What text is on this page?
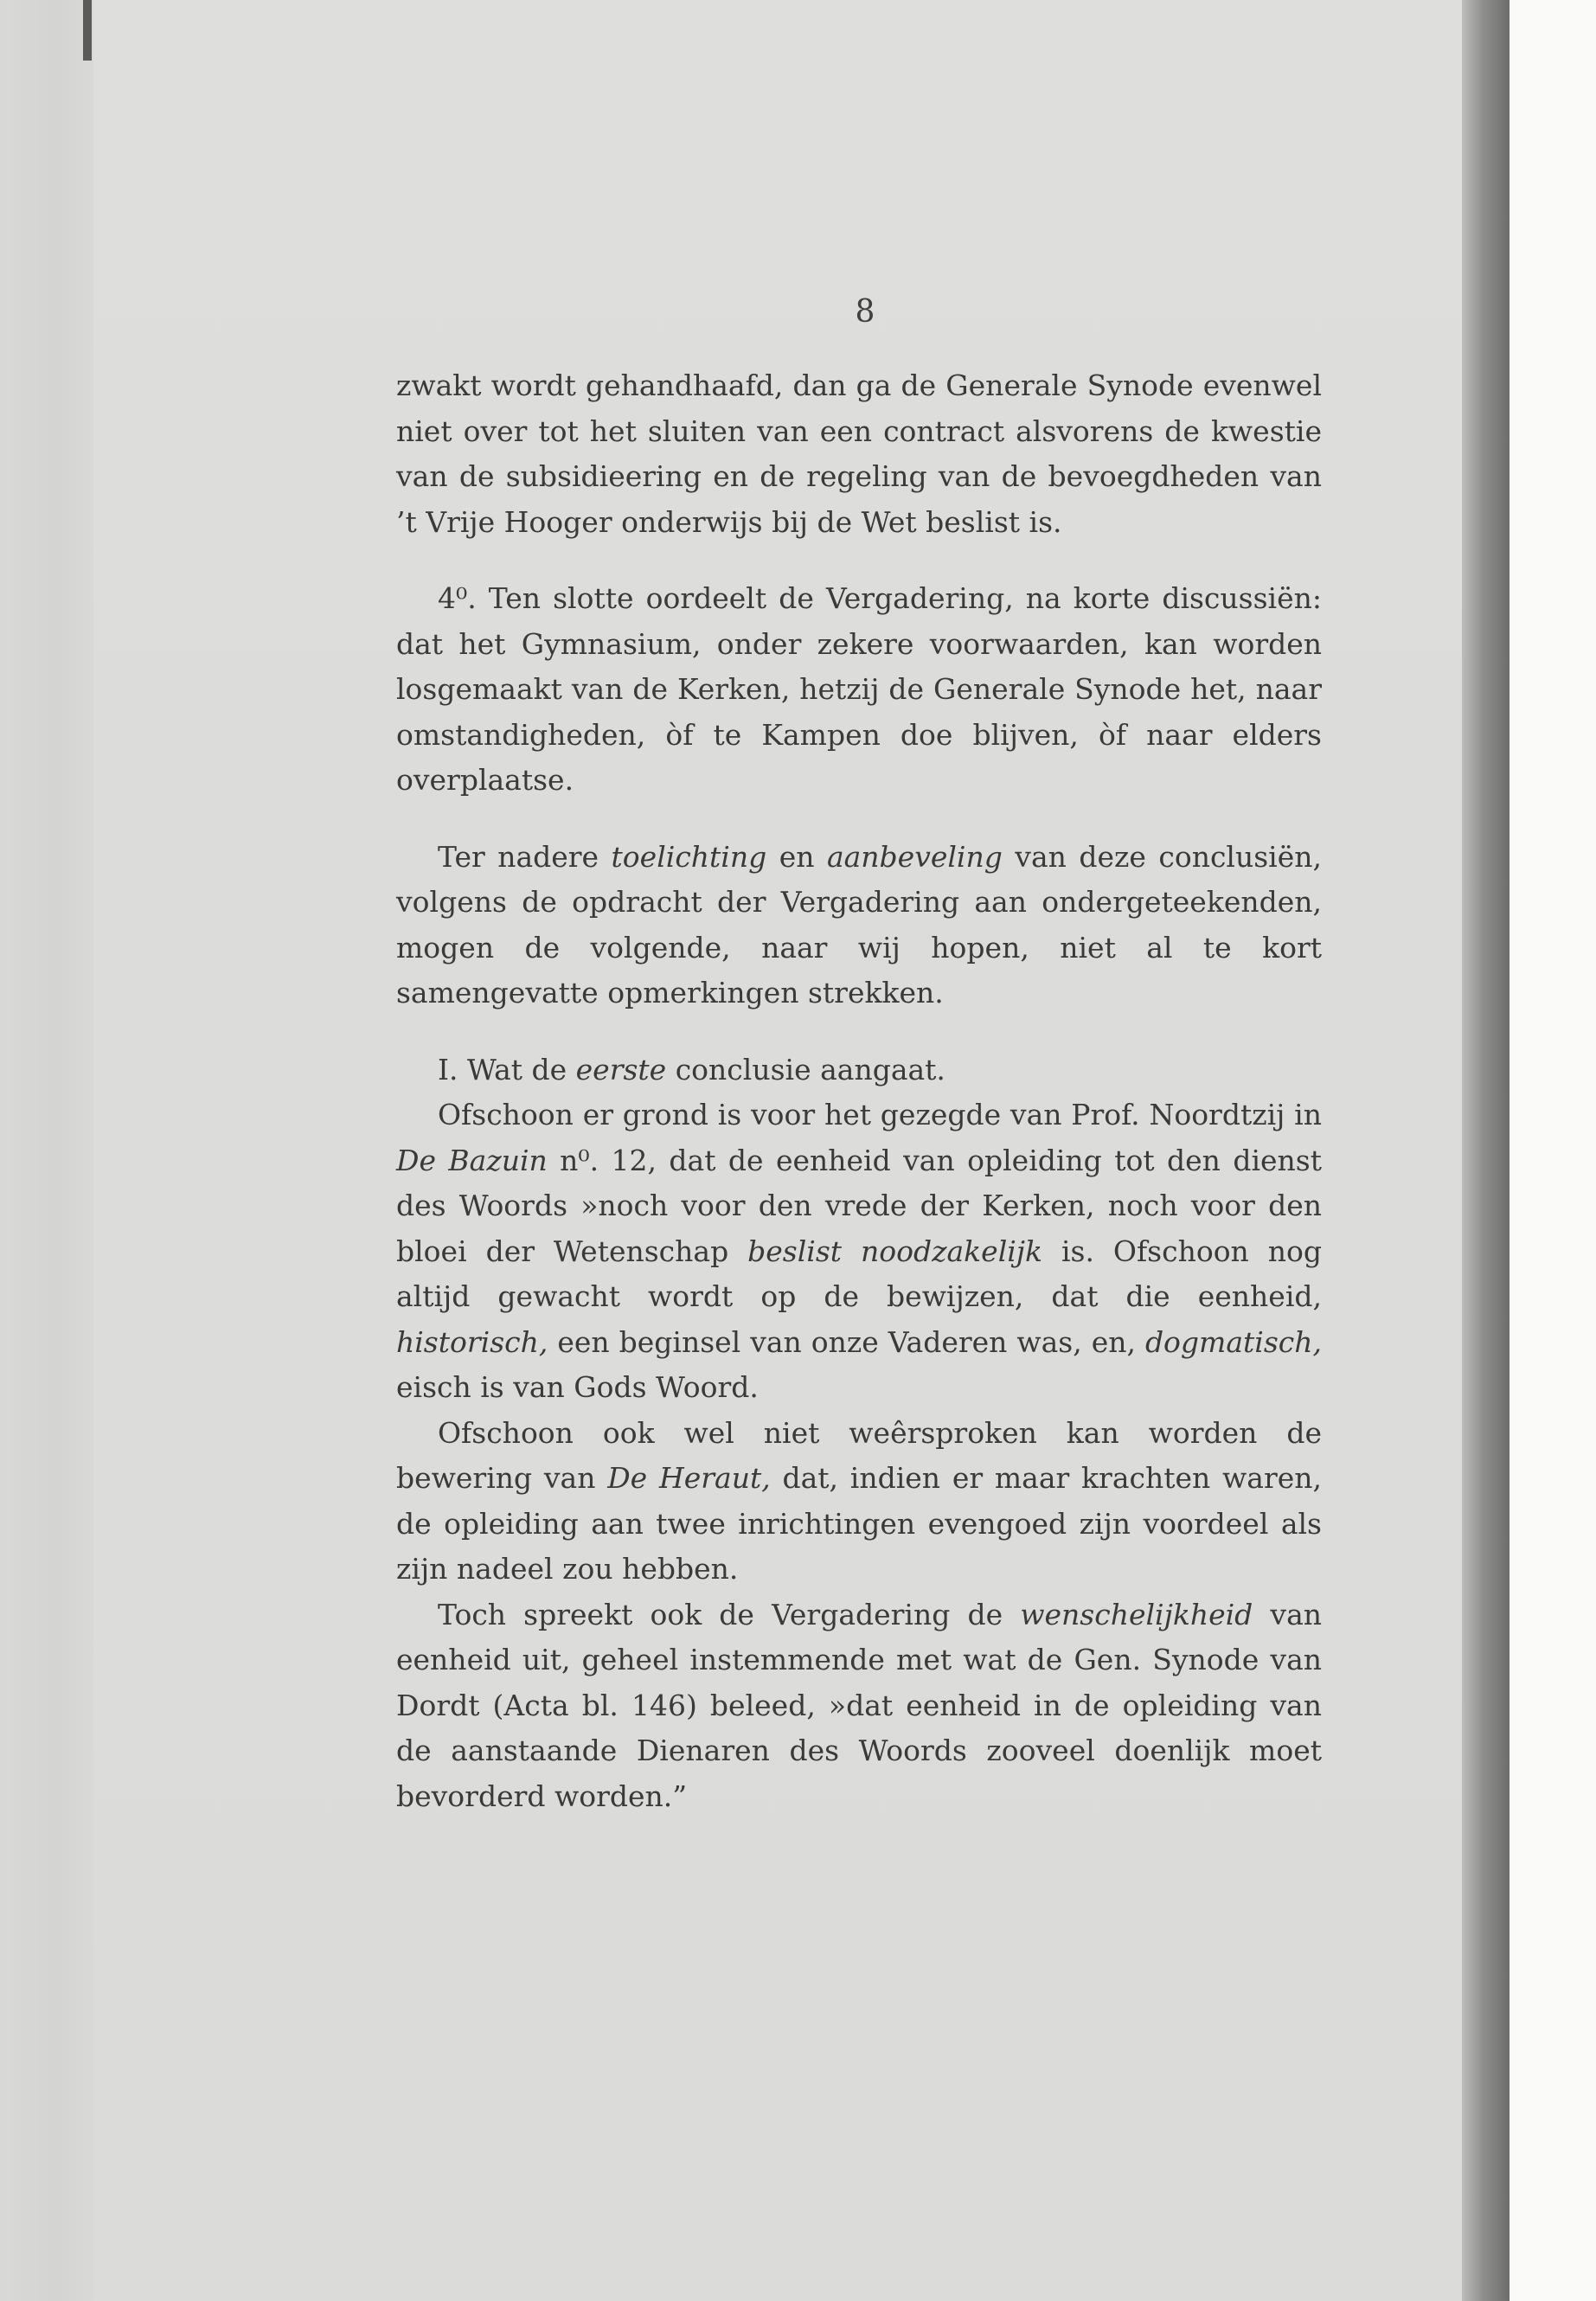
8

zwakt wordt gehandhaafd, dan ga de Generale Synode evenwel niet over tot het sluiten van een contract alsvorens de kwestie van de subsidieering en de regeling van de bevoegdheden van ’t Vrije Hooger onderwijs bij de Wet beslist is.

4⁰. Ten slotte oordeelt de Vergadering, na korte discussiën: dat het Gymnasium, onder zekere voorwaarden, kan worden losgemaakt van de Kerken, hetzij de Generale Synode het, naar omstandigheden, òf te Kampen doe blijven, òf naar elders overplaatse.

Ter nadere toelichting en aanbeveling van deze conclusiën, volgens de opdracht der Vergadering aan ondergeteekenden, mogen de volgende, naar wij hopen, niet al te kort samengevatte opmerkingen strekken.

I. Wat de eerste conclusie aangaat.

Ofschoon er grond is voor het gezegde van Prof. Noordtzij in De Bazuin n⁰. 12, dat de eenheid van opleiding tot den dienst des Woords »noch voor den vrede der Kerken, noch voor den bloei der Wetenschap beslist noodzakelijk is. Ofschoon nog altijd gewacht wordt op de bewijzen, dat die eenheid, historisch, een beginsel van onze Vaderen was, en, dogmatisch, eisch is van Gods Woord.

Ofschoon ook wel niet weêrsproken kan worden de bewering van De Heraut, dat, indien er maar krachten waren, de opleiding aan twee inrichtingen evengoed zijn voordeel als zijn nadeel zou hebben.

Toch spreekt ook de Vergadering de wenschelijkheid van eenheid uit, geheel instemmende met wat de Gen. Synode van Dordt (Acta bl. 146) beleed, »dat eenheid in de opleiding van de aanstaande Dienaren des Woords zooveel doenlijk moet bevorderd worden.”
